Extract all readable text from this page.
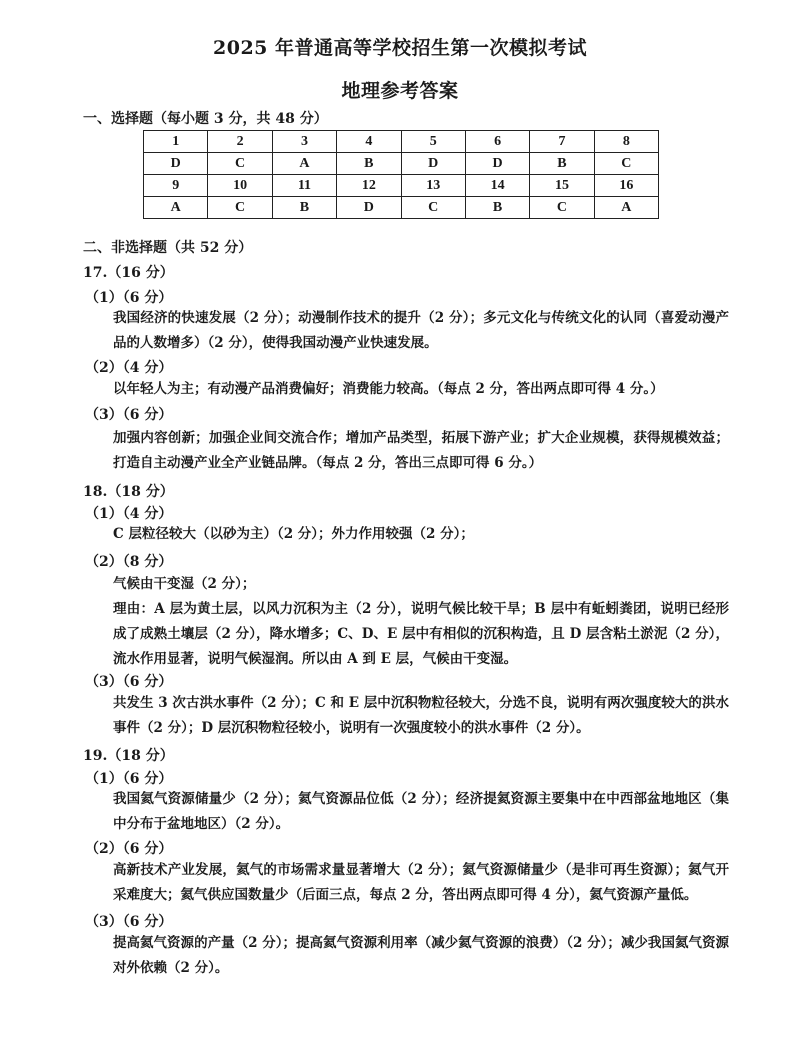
2025 年普通高等学校招生第一次模拟考试
地理参考答案
一、选择题（每小题 3 分，共 48 分）
1	2	3	4	5	6	7	8
D	C	A	B	D	D	B	C
9	10	11	12	13	14	15	16
A	C	B	D	C	B	C	A
二、非选择题（共 52 分）
17.（16 分）
（1）（6 分）
我国经济的快速发展（2 分）；动漫制作技术的提升（2 分）；多元文化与传统文化的认同（喜爱动漫产品的人数增多）（2 分），使得我国动漫产业快速发展。
（2）（4 分）
以年轻人为主；有动漫产品消费偏好；消费能力较高。（每点 2 分，答出两点即可得 4 分。）
（3）（6 分）
加强内容创新；加强企业间交流合作；增加产品类型，拓展下游产业；扩大企业规模，获得规模效益；打造自主动漫产业全产业链品牌。（每点 2 分，答出三点即可得 6 分。）
18.（18 分）
（1）（4 分）
C 层粒径较大（以砂为主）（2 分）；外力作用较强（2 分）；
（2）（8 分）
气候由干变湿（2 分）；
理由：A 层为黄土层，以风力沉积为主（2 分），说明气候比较干旱；B 层中有蚯蚓粪团，说明已经形成了成熟土壤层（2 分），降水增多；C、D、E 层中有相似的沉积构造，且 D 层含粘土淤泥（2 分），流水作用显著，说明气候湿润。所以由 A 到 E 层，气候由干变湿。
（3）（6 分）
共发生 3 次古洪水事件（2 分）；C 和 E 层中沉积物粒径较大，分选不良，说明有两次强度较大的洪水事件（2 分）；D 层沉积物粒径较小，说明有一次强度较小的洪水事件（2 分）。
19.（18 分）
（1）（6 分）
我国氦气资源储量少（2 分）；氦气资源品位低（2 分）；经济提氦资源主要集中在中西部盆地地区（集中分布于盆地地区）（2 分）。
（2）（6 分）
高新技术产业发展，氦气的市场需求量显著增大（2 分）；氦气资源储量少（是非可再生资源）；氦气开采难度大；氦气供应国数量少（后面三点，每点 2 分，答出两点即可得 4 分），氦气资源产量低。
（3）（6 分）
提高氦气资源的产量（2 分）；提高氦气资源利用率（减少氦气资源的浪费）（2 分）；减少我国氦气资源对外依赖（2 分）。
